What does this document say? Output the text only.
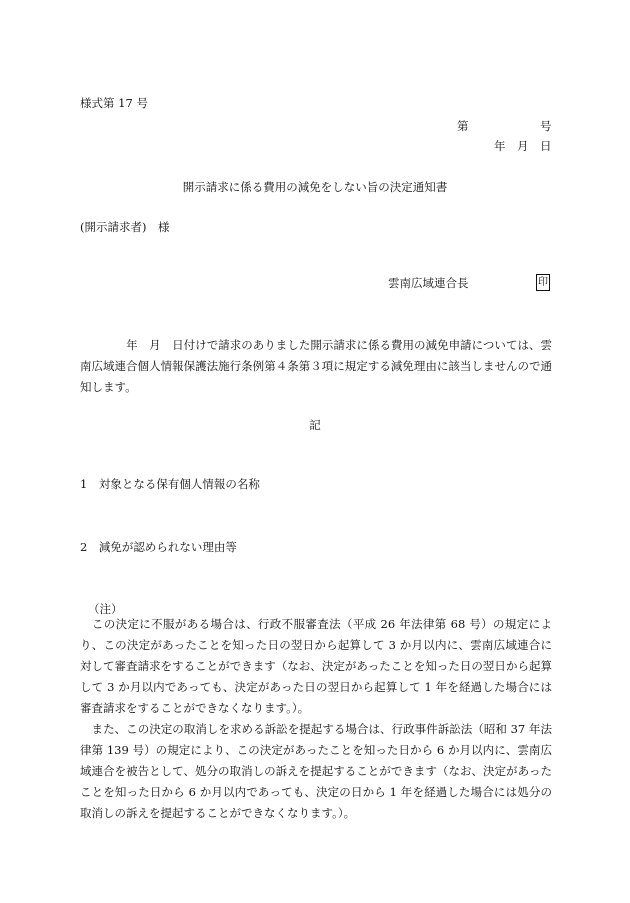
様式第 17 号
第	号
年　月　日
開示請求に係る費用の減免をしない旨の決定通知書
(開示請求者)　様
雲南広域連合長	印
　　　　年　月　日付けで請求のありました開示請求に係る費用の減免申請については、雲南広域連合個人情報保護法施行条例第４条第３項に規定する減免理由に該当しませんので通知します。
記
1　対象となる保有個人情報の名称
2　減免が認められない理由等
（注）
　この決定に不服がある場合は、行政不服審査法（平成 26 年法律第 68 号）の規定により、この決定があったことを知った日の翌日から起算して 3 か月以内に、雲南広域連合に対して審査請求をすることができます（なお、決定があったことを知った日の翌日から起算して 3 か月以内であっても、決定があった日の翌日から起算して 1 年を経過した場合には審査請求をすることができなくなります。）。
　また、この決定の取消しを求める訴訟を提起する場合は、行政事件訴訟法（昭和 37 年法律第 139 号）の規定により、この決定があったことを知った日から 6 か月以内に、雲南広域連合を被告として、処分の取消しの訴えを提起することができます（なお、決定があったことを知った日から 6 か月以内であっても、決定の日から 1 年を経過した場合には処分の取消しの訴えを提起することができなくなります。）。
